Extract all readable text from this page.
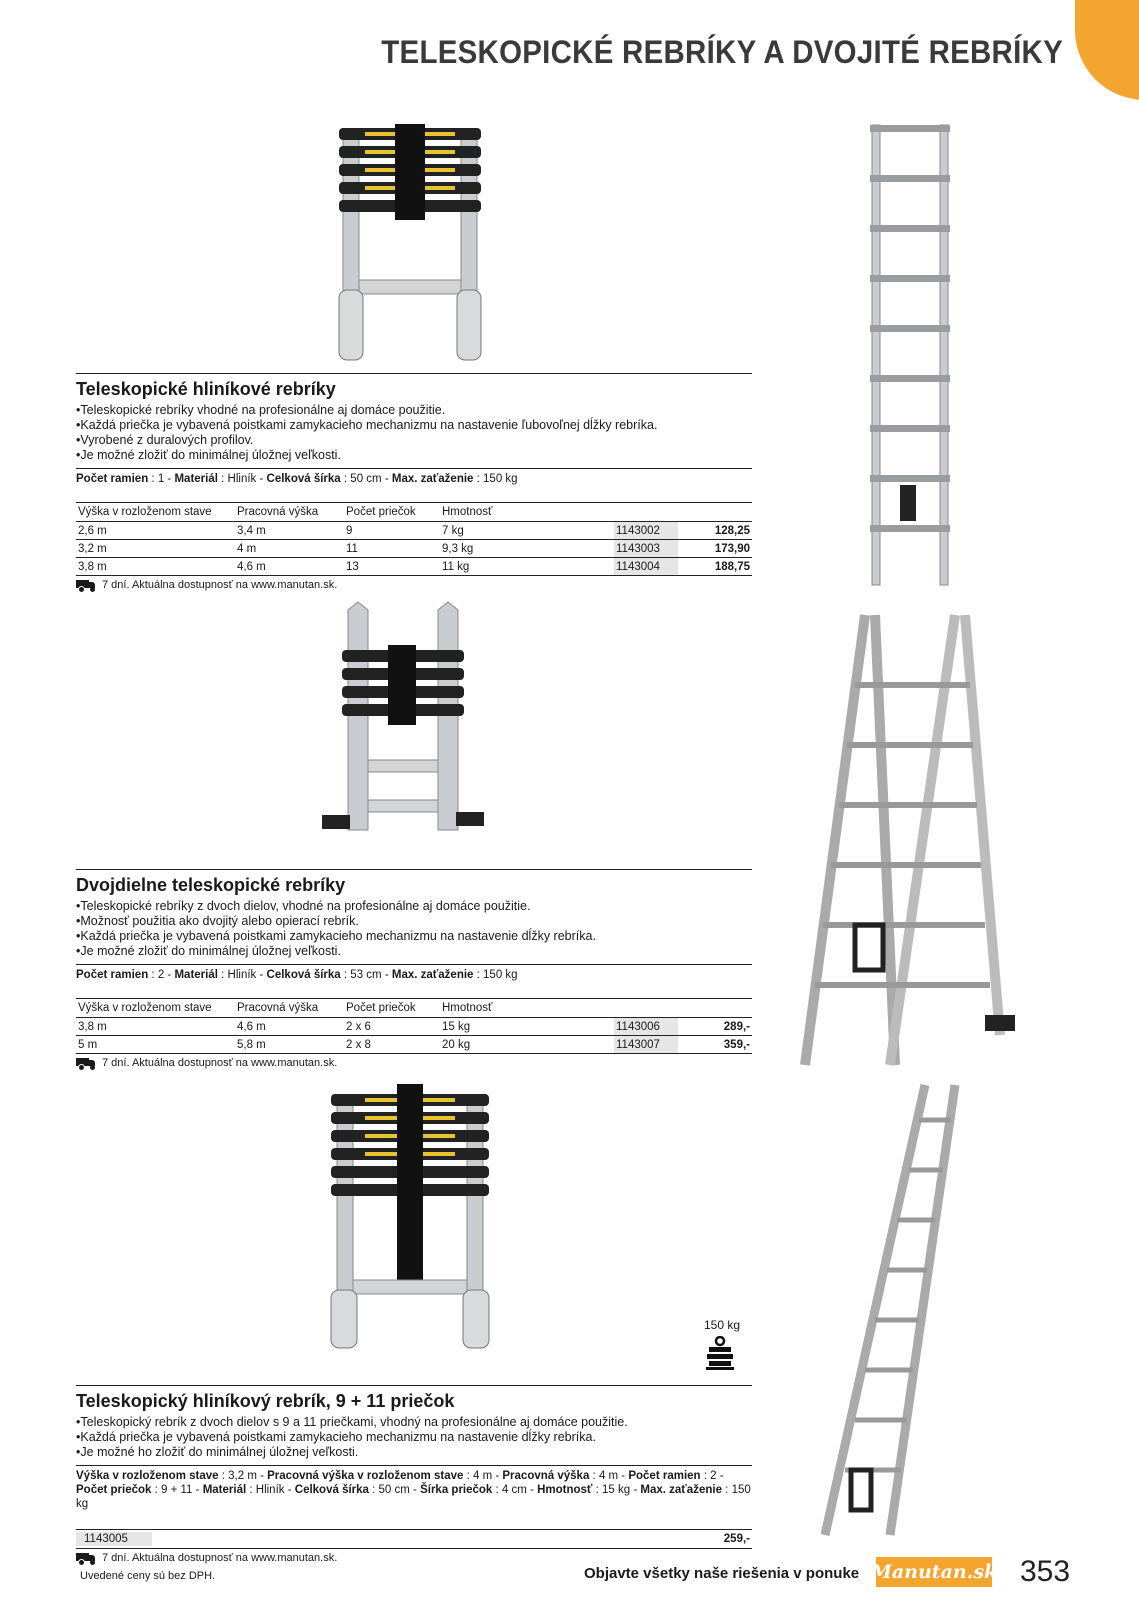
TELESKOPICKÉ REBRÍKY A DVOJITÉ REBRÍKY
Teleskopické hliníkové rebríky
• Teleskopické rebríky vhodné na profesionálne aj domáce použitie.
• Každá priečka je vybavená poistkami zamykacieho mechanizmu na nastavenie ľubovoľnej dĺžky rebríka.
• Vyrobené z duralových profilov.
• Je možné zložiť do minimálnej úložnej veľkosti.
Počet ramien : 1 - Materiál : Hliník - Celková šírka : 50 cm - Max. zaťaženie : 150 kg
Výška v rozloženom stave	Pracovná výška	Počet priečok	Hmotnosť		
2,6 m	3,4 m	9	7 kg	1143002	128,25
3,2 m	4 m	11	9,3 kg	1143003	173,90
3,8 m	4,6 m	13	11 kg	1143004	188,75
7 dní. Aktuálna dostupnosť na www.manutan.sk.
Dvojdielne teleskopické rebríky
• Teleskopické rebríky z dvoch dielov, vhodné na profesionálne aj domáce použitie.
• Možnosť použitia ako dvojitý alebo opierací rebrík.
• Každá priečka je vybavená poistkami zamykacieho mechanizmu na nastavenie dĺžky rebríka.
• Je možné zložiť do minimálnej úložnej veľkosti.
Počet ramien : 2 - Materiál : Hliník - Celková šírka : 53 cm - Max. zaťaženie : 150 kg
Výška v rozloženom stave	Pracovná výška	Počet priečok	Hmotnosť		
3,8 m	4,6 m	2 x 6	15 kg	1143006	289,-
5 m	5,8 m	2 x 8	20 kg	1143007	359,-
7 dní. Aktuálna dostupnosť na www.manutan.sk.
150 kg
Teleskopický hliníkový rebrík, 9 + 11 priečok
• Teleskopický rebrík z dvoch dielov s 9 a 11 priečkami, vhodný na profesionálne aj domáce použitie.
• Každá priečka je vybavená poistkami zamykacieho mechanizmu na nastavenie dĺžky rebríka.
• Je možné ho zložiť do minimálnej úložnej veľkosti.
Výška v rozloženom stave : 3,2 m - Pracovná výška v rozloženom stave : 4 m - Pracovná výška : 4 m - Počet ramien : 2 - Počet priečok : 9 + 11 - Materiál : Hliník - Celková šírka : 50 cm - Šírka priečok : 4 cm - Hmotnosť : 15 kg - Max. zaťaženie : 150 kg
1143005	259,-
7 dní. Aktuálna dostupnosť na www.manutan.sk.
Uvedené ceny sú bez DPH.	Objavte všetky naše riešenia v ponuke Manutan.sk 353
